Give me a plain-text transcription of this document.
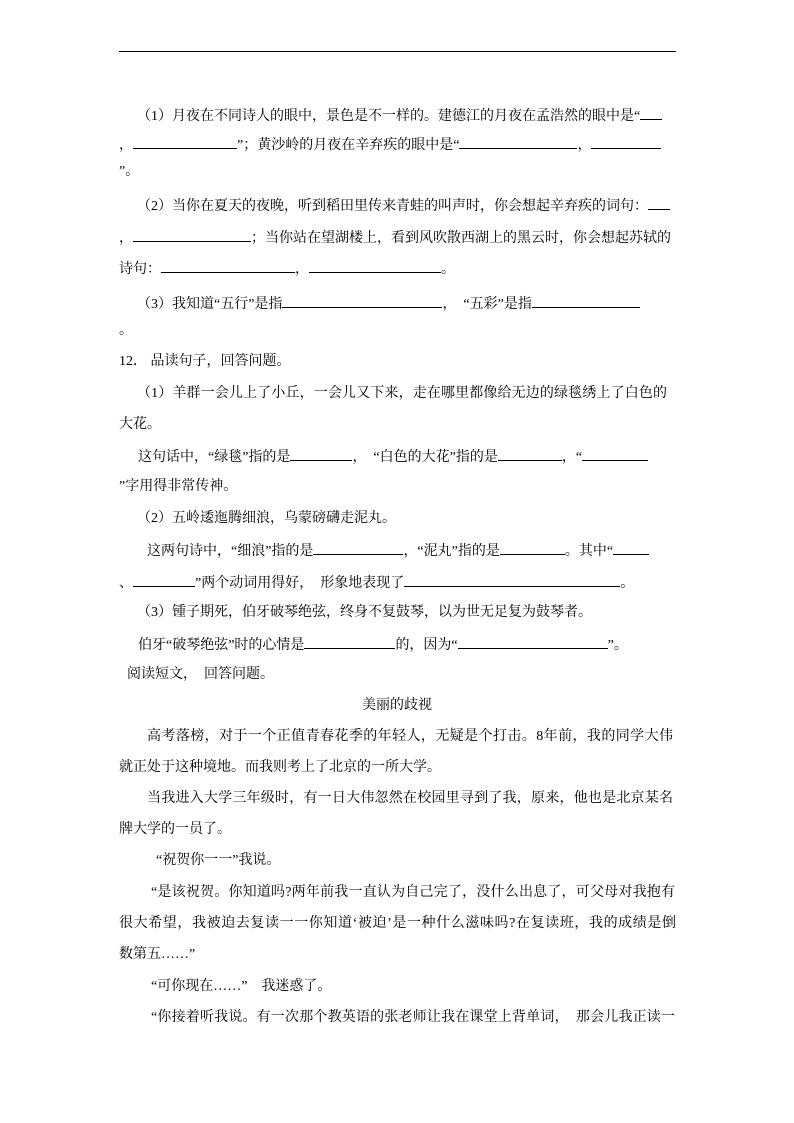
（1）月夜在不同诗人的眼中，景色是不一样的。建德江的月夜在孟浩然的眼中是“
，	”；黄沙岭的月夜在辛弃疾的眼中是“	，
”。
（2）当你在夏天的夜晚，听到稻田里传来青蛙的叫声时，你会想起辛弃疾的词句：
，	；当你站在望湖楼上，看到风吹散西湖上的黑云时，你会想起苏轼的
诗句：	，	。
（3）我知道“五行”是指	，　“五彩”是指
。
12． 品读句子，回答问题。
（1）羊群一会儿上了小丘，一会儿又下来，走在哪里都像给无边的绿毯绣上了白色的
大花。
这句话中，“绿毯”指的是	，　“白色的大花”指的是	，“
”字用得非常传神。
（2）五岭逶迤腾细浪，乌蒙磅礴走泥丸。
这两句诗中，“细浪”指的是	，“泥丸”指的是	。其中“
、	”两个动词用得好，　形象地表现了	。
（3）锺子期死，伯牙破琴绝弦，终身不复鼓琴，以为世无足复为鼓琴者。
伯牙“破琴绝弦”时的心情是	的，因为“	”。
阅读短文，　回答问题。
美丽的歧视
高考落榜，对于一个正值青春花季的年轻人，无疑是个打击。8年前，我的同学大伟
就正处于这种境地。而我则考上了北京的一所大学。
当我进入大学三年级时，有一日大伟忽然在校园里寻到了我，原来，他也是北京某名
牌大学的一员了。
“祝贺你一一”我说。
“是该祝贺。你知道吗?两年前我一直认为自己完了，没什么出息了，可父母对我抱有
很大希望，我被迫去复读一一你知道‘被迫’是一种什么滋味吗?在复读班，我的成绩是倒
数第五……”
“可你现在……”　我迷惑了。
“你接着听我说。有一次那个教英语的张老师让我在课堂上背单词，　那会儿我正读一
